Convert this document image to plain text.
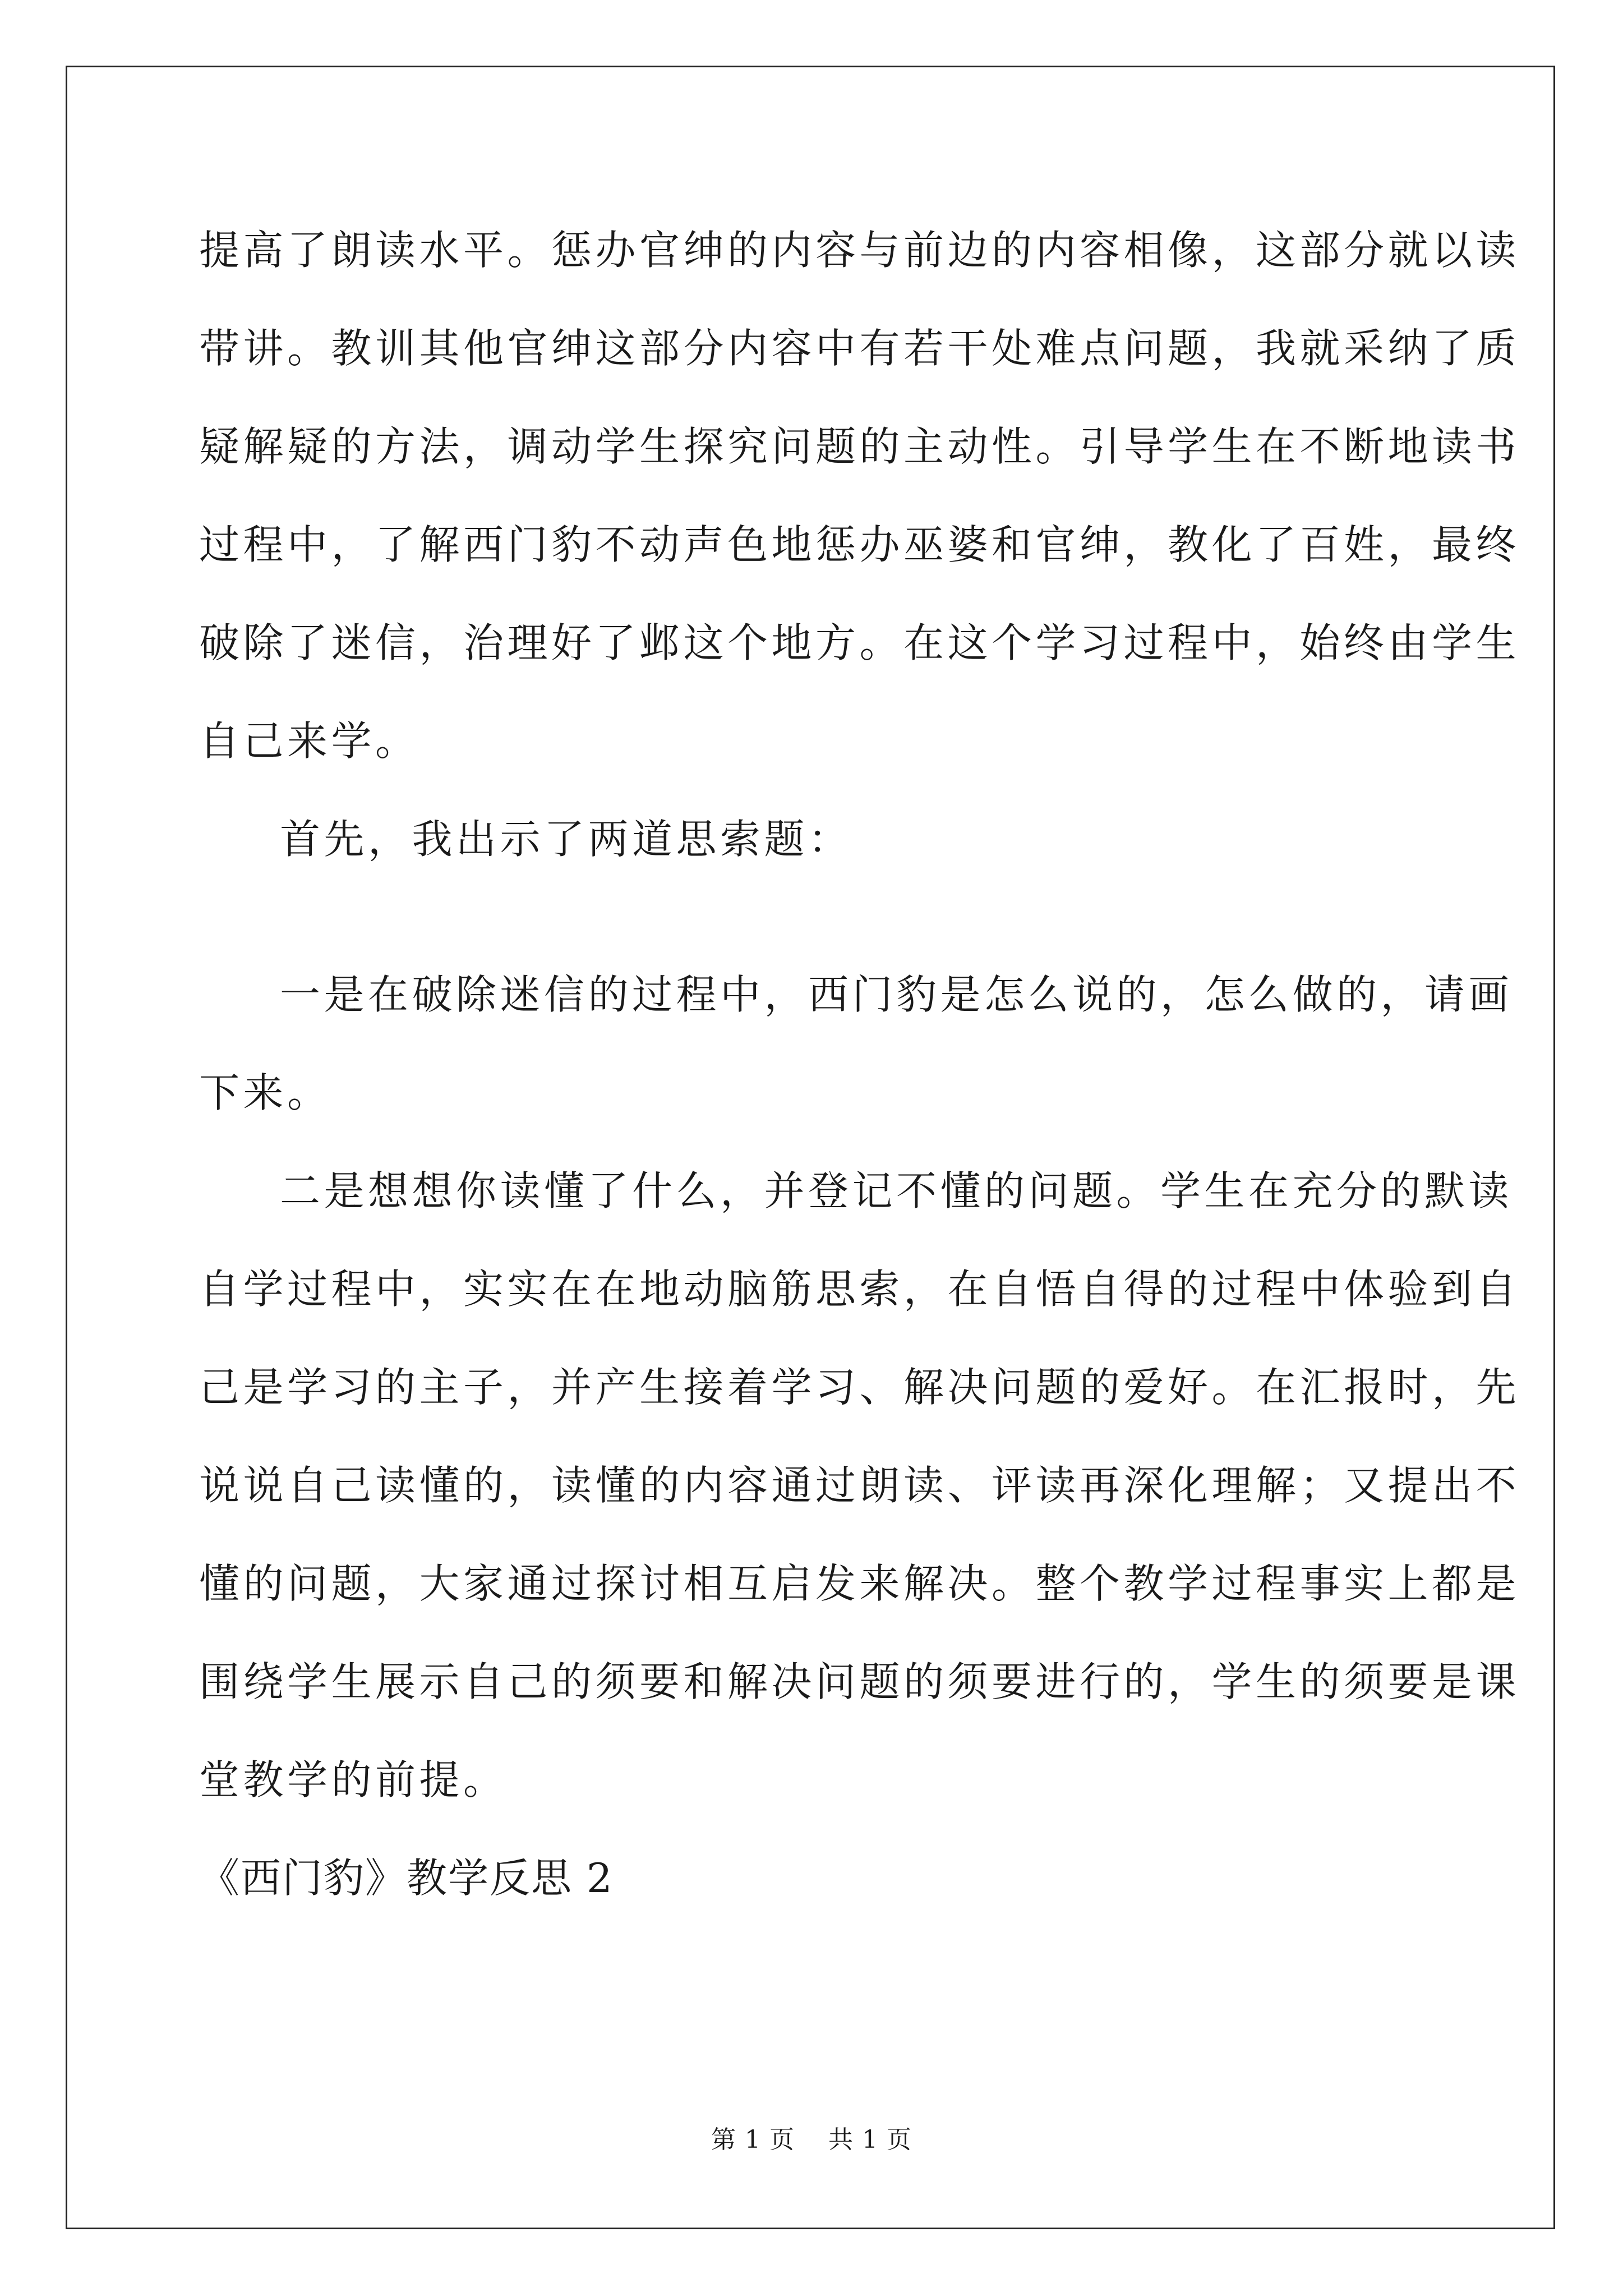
提高了朗读水平。惩办官绅的内容与前边的内容相像，这部分就以读
带讲。教训其他官绅这部分内容中有若干处难点问题，我就采纳了质
疑解疑的方法，调动学生探究问题的主动性。引导学生在不断地读书
过程中，了解西门豹不动声色地惩办巫婆和官绅，教化了百姓，最终
破除了迷信，治理好了邺这个地方。在这个学习过程中，始终由学生
自己来学。
首先，我出示了两道思索题：
一是在破除迷信的过程中，西门豹是怎么说的，怎么做的，请画
下来。
二是想想你读懂了什么，并登记不懂的问题。学生在充分的默读
自学过程中，实实在在地动脑筋思索，在自悟自得的过程中体验到自
己是学习的主子，并产生接着学习、解决问题的爱好。在汇报时，先
说说自己读懂的，读懂的内容通过朗读、评读再深化理解；又提出不
懂的问题，大家通过探讨相互启发来解决。整个教学过程事实上都是
围绕学生展示自己的须要和解决问题的须要进行的，学生的须要是课
堂教学的前提。
《西门豹》教学反思 2
第 1 页    共 1 页
